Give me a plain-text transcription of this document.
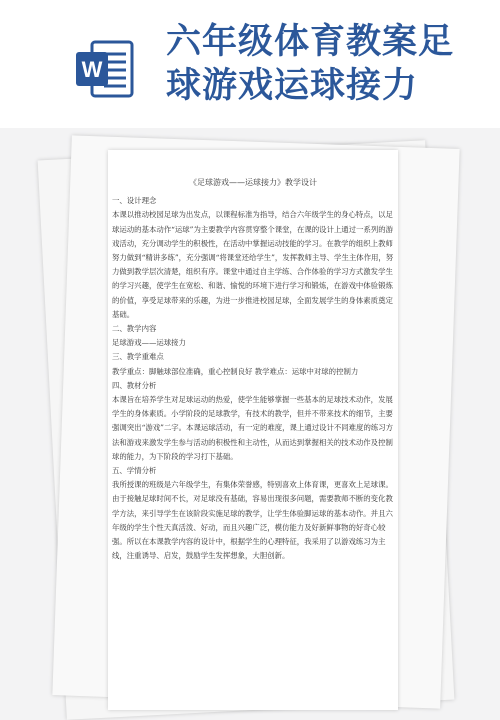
W
六年级体育教案足
球游戏运球接力

《足球游戏——运球接力》教学设计

一、设计理念

本课以推动校园足球为出发点，以课程标准为指导，结合六年级学生的身心特点，以足球运动的基本动作“运球”为主要教学内容贯穿整个课堂，在课的设计上通过一系列的游戏活动，充分调动学生的积极性，在活动中掌握运动技能的学习。在教学的组织上教师努力做到“精讲多练”，充分强调“将课堂还给学生”，发挥教师主导、学生主体作用，努力做到教学层次清楚，组织有序。课堂中通过自主学练、合作体验的学习方式激发学生的学习兴趣，使学生在宽松、和谐、愉悦的环境下进行学习和锻炼，在游戏中体验锻炼的价值，享受足球带来的乐趣，为进一步推进校园足球，全面发展学生的身体素质奠定基础。

二、教学内容

足球游戏——运球接力

三、教学重难点

教学重点：脚触球部位准确，重心控制良好 教学难点：运球中对球的控制力

四、教材分析

本课旨在培养学生对足球运动的热爱，使学生能够掌握一些基本的足球技术动作，发展学生的身体素质。小学阶段的足球教学，有技术的教学，但并不带来技术的细节，主要强调突出“游戏”二字。本课运球活动，有一定的难度，课上通过设计不同难度的练习方法和游戏来激发学生参与活动的积极性和主动性，从而达到掌握相关的技术动作及控制球的能力，为下阶段的学习打下基础。

五、学情分析

我所授课的班级是六年级学生，有集体荣誉感，特别喜欢上体育课，更喜欢上足球课。由于接触足球时间不长，对足球没有基础，容易出现很多问题，需要教师不断的变化教学方法，来引导学生在该阶段实施足球的教学，让学生体验脚运球的基本动作。并且六年级的学生个性天真活泼、好动，而且兴趣广泛，模仿能力及好新鲜事物的好奇心较强。所以在本课教学内容的设计中，根据学生的心理特征，我采用了以游戏练习为主线，注重诱导、启发，鼓励学生发挥想象，大胆创新。
